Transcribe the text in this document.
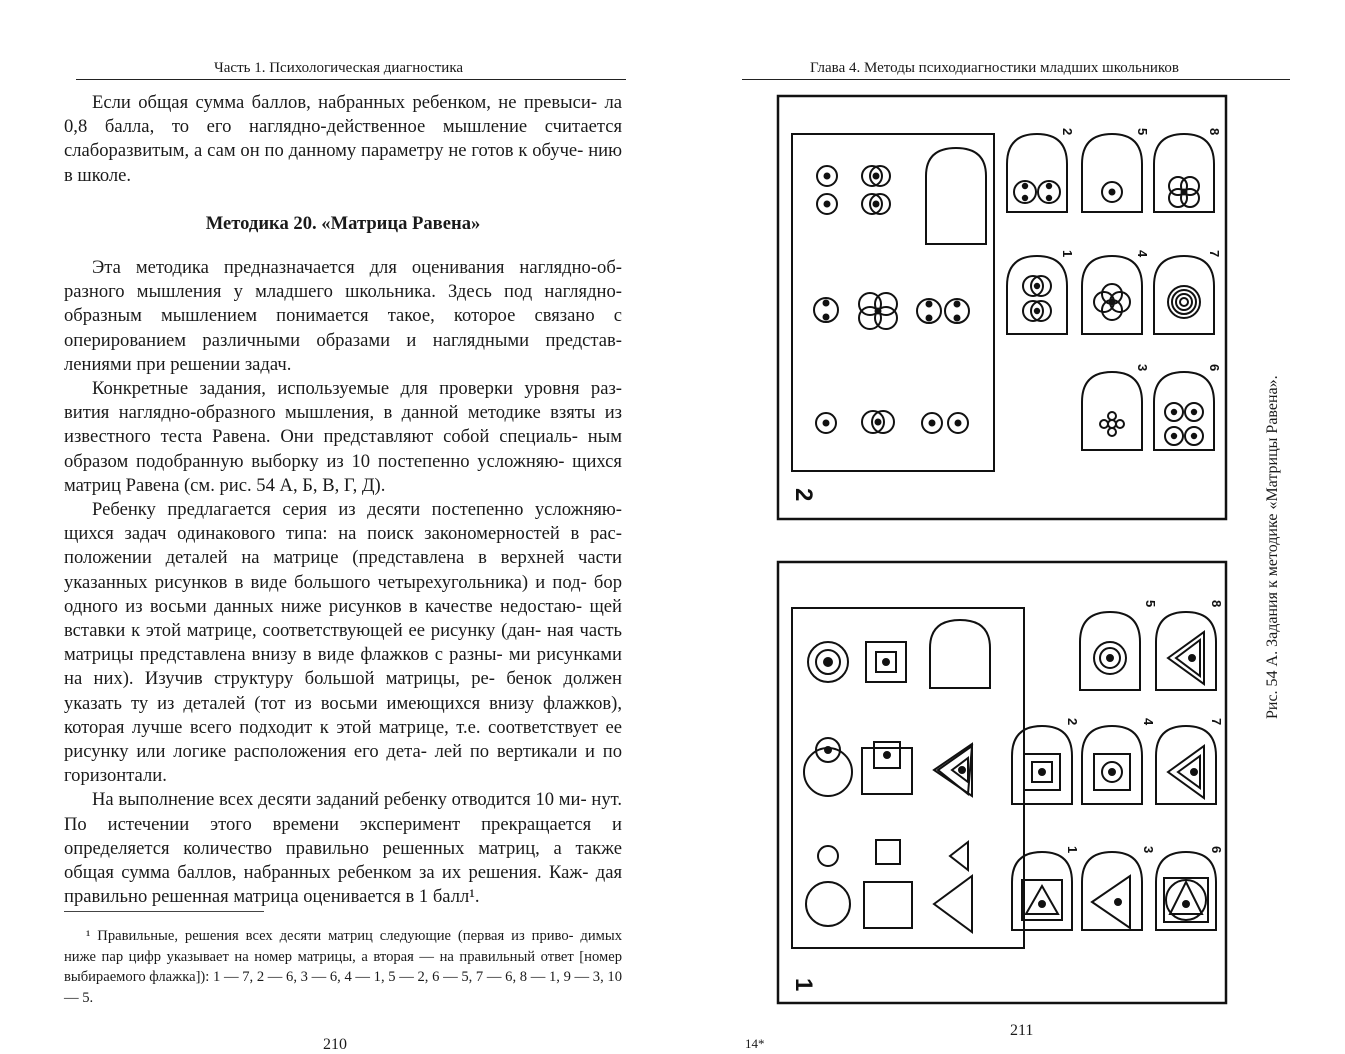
Часть 1. Психологическая диагностика

Если общая сумма баллов, набранных ребенком, не превыси- ла 0,8 балла, то его наглядно-действенное мышление считается слаборазвитым, а сам он по данному параметру не готов к обуче- нию в школе.

Методика 20. «Матрица Равена»

Эта методика предназначается для оценивания наглядно-об- разного мышления у младшего школьника. Здесь под наглядно- образным мышлением понимается такое, которое связано с оперированием различными образами и наглядными представ- лениями при решении задач.

Конкретные задания, используемые для проверки уровня раз- вития наглядно-образного мышления, в данной методике взяты из известного теста Равена. Они представляют собой специаль- ным образом подобранную выборку из 10 постепенно усложняю- щихся матриц Равена (см. рис. 54 А, Б, В, Г, Д).

Ребенку предлагается серия из десяти постепенно усложняю- щихся задач одинакового типа: на поиск закономерностей в рас- положении деталей на матрице (представлена в верхней части указанных рисунков в виде большого четырехугольника) и под- бор одного из восьми данных ниже рисунков в качестве недостаю- щей вставки к этой матрице, соответствующей ее рисунку (дан- ная часть матрицы представлена внизу в виде флажков с разны- ми рисунками на них). Изучив структуру большой матрицы, ре- бенок должен указать ту из деталей (тот из восьми имеющихся внизу флажков), которая лучше всего подходит к этой матрице, т.е. соответствует ее рисунку или логике расположения его дета- лей по вертикали и по горизонтали.

На выполнение всех десяти заданий ребенку отводится 10 ми- нут. По истечении этого времени эксперимент прекращается и определяется количество правильно решенных матриц, а также общая сумма баллов, набранных ребенком за их решения. Каж- дая правильно решенная матрица оценивается в 1 балл¹.

¹ Правильные, решения всех десяти матриц следующие (первая из приво- димых ниже пар цифр указывает на номер матрицы, а вторая — на правильный ответ [номер выбираемого флажка]): 1 — 7, 2 — 6, 3 — 6, 4 — 1, 5 — 2, 6 — 5, 7 — 6, 8 — 1, 9 — 3, 10 — 5.

210	14*
Глава 4. Методы психодиагностики младших школьников
Рис. 54 А. Задания к методике «Матрицы Равена».
211
2
1
2	5	8
1	4	7
3	6
5	8
2	4	7
1	3	6
